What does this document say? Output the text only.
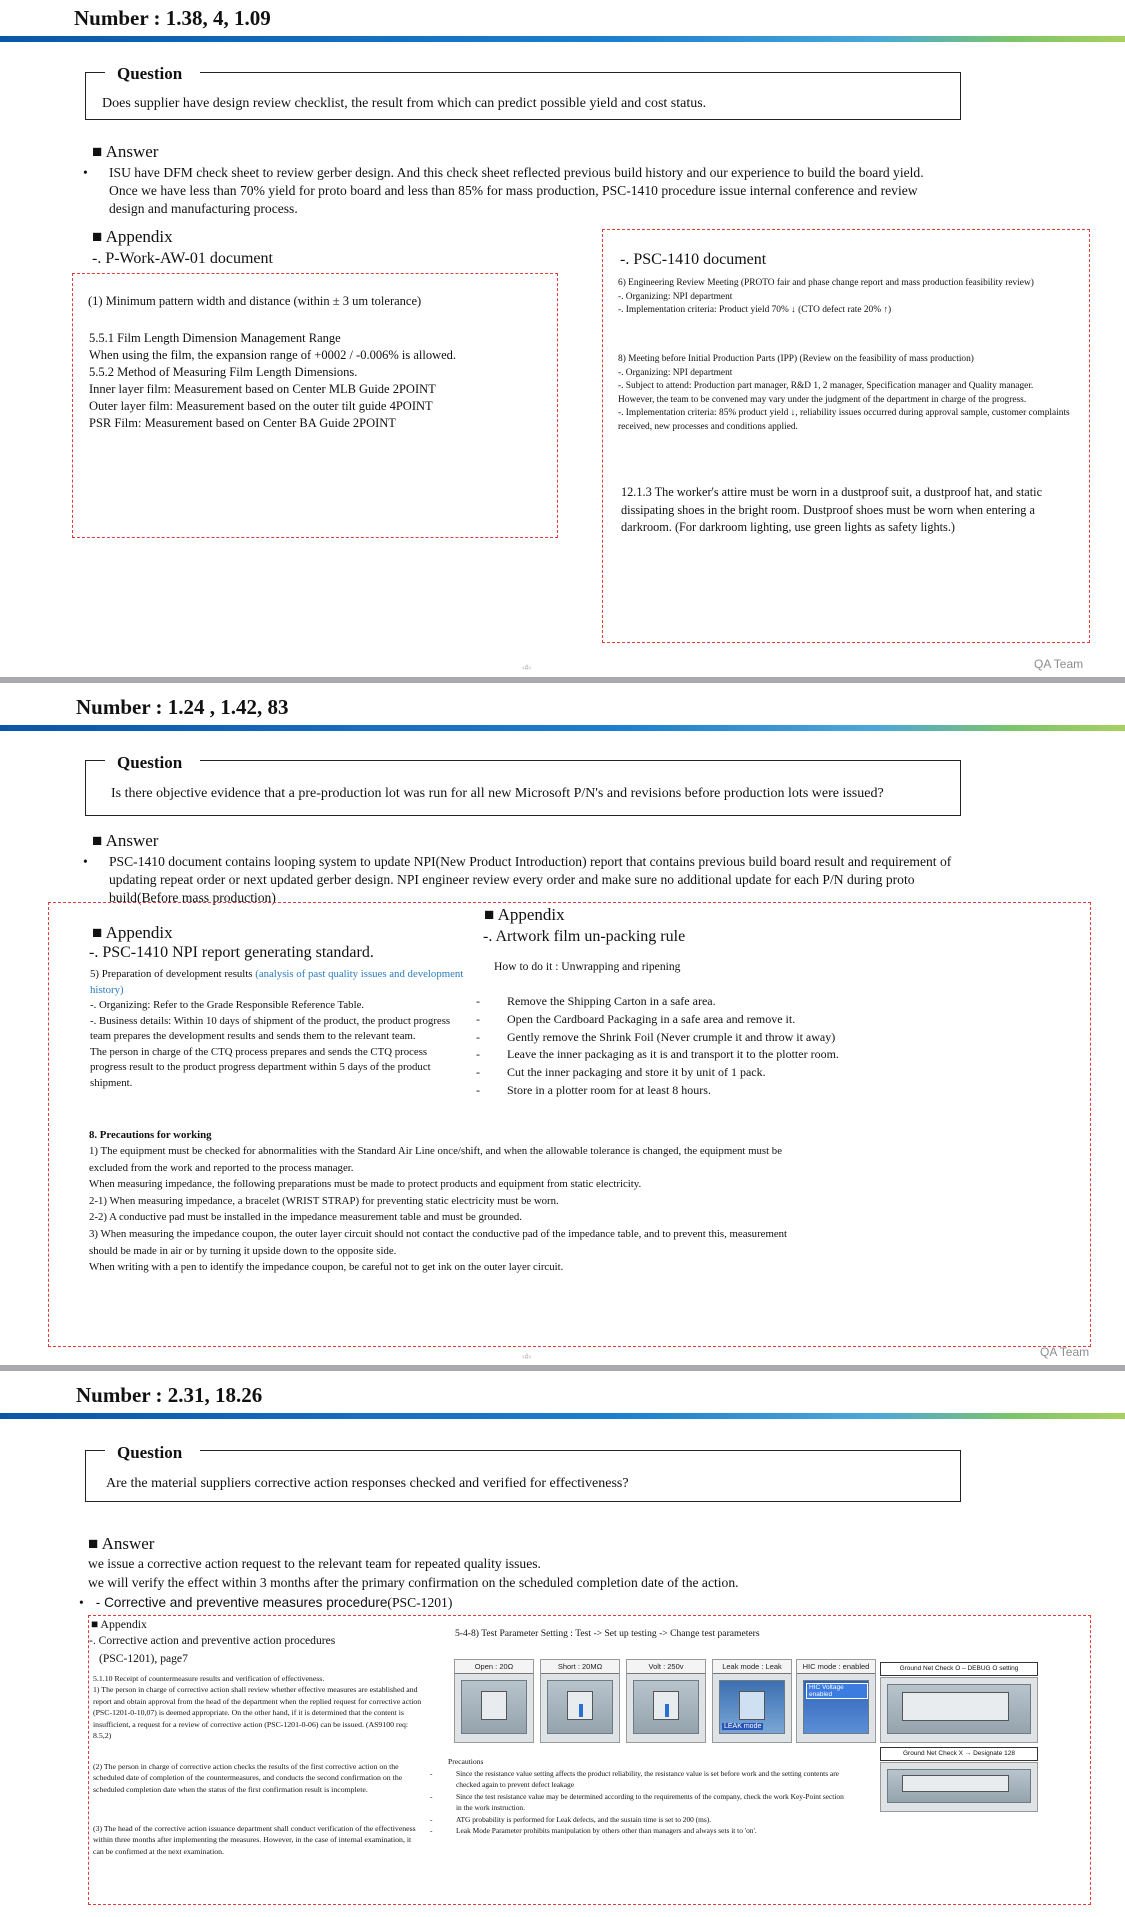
Number : 1.38, 4, 1.09
Question
Does supplier have design review checklist, the result from which can predict possible yield and cost status.
■ Answer
• ISU have DFM check sheet to review gerber design. And this check sheet reflected previous build history and our experience to build the board yield. Once we have less than 70% yield for proto board and less than 85% for mass production, PSC-1410 procedure issue internal conference and review design and manufacturing process.
■ Appendix
-. P-Work-AW-01 document
(1) Minimum pattern width and distance (within ± 3 um tolerance)
5.5.1 Film Length Dimension Management Range
When using the film, the expansion range of +0002 / -0.006% is allowed.
5.5.2 Method of Measuring Film Length Dimensions.
Inner layer film: Measurement based on Center MLB Guide 2POINT
Outer layer film: Measurement based on the outer tilt guide 4POINT
PSR Film: Measurement based on Center BA Guide 2POINT
-. PSC-1410 document
6) Engineering Review Meeting (PROTO fair and phase change report and mass production feasibility review)
-. Organizing: NPI department
-. Implementation criteria: Product yield 70% ↓ (CTO defect rate 20% ↑)
8) Meeting before Initial Production Parts (IPP) (Review on the feasibility of mass production)
-. Organizing: NPI department
-. Subject to attend: Production part manager, R&D 1, 2 manager, Specification manager and Quality manager.
However, the team to be convened may vary under the judgment of the department in charge of the progress.
-. Implementation criteria: 85% product yield ↓, reliability issues occurred during approval sample, customer complaints received, new processes and conditions applied.
12.1.3 The worker's attire must be worn in a dustproof suit, a dustproof hat, and static dissipating shoes in the bright room. Dustproof shoes must be worn when entering a darkroom. (For darkroom lighting, use green lights as safety lights.)
‹#›	QA Team
Number : 1.24 , 1.42, 83
Question
Is there objective evidence that a pre-production lot was run for all new Microsoft P/N's and revisions before production lots were issued?
■ Answer
• PSC-1410 document contains looping system to update NPI(New Product Introduction) report that contains previous build board result and requirement of updating repeat order or next updated gerber design. NPI engineer review every order and make sure no additional update for each P/N during proto build(Before mass production)
■ Appendix
-. PSC-1410 NPI report generating standard.
5) Preparation of development results (analysis of past quality issues and development history)
-. Organizing: Refer to the Grade Responsible Reference Table.
-. Business details: Within 10 days of shipment of the product, the product progress team prepares the development results and sends them to the relevant team.
The person in charge of the CTQ process prepares and sends the CTQ process progress result to the product progress department within 5 days of the product shipment.
■ Appendix
-. Artwork film un-packing rule
How to do it : Unwrapping and ripening
- Remove the Shipping Carton in a safe area.
- Open the Cardboard Packaging in a safe area and remove it.
- Gently remove the Shrink Foil (Never crumple it and throw it away)
- Leave the inner packaging as it is and transport it to the plotter room.
- Cut the inner packaging and store it by unit of 1 pack.
- Store in a plotter room for at least 8 hours.
8. Precautions for working
1) The equipment must be checked for abnormalities with the Standard Air Line once/shift, and when the allowable tolerance is changed, the equipment must be excluded from the work and reported to the process manager.
When measuring impedance, the following preparations must be made to protect products and equipment from static electricity.
2-1) When measuring impedance, a bracelet (WRIST STRAP) for preventing static electricity must be worn.
2-2) A conductive pad must be installed in the impedance measurement table and must be grounded.
3) When measuring the impedance coupon, the outer layer circuit should not contact the conductive pad of the impedance table, and to prevent this, measurement should be made in air or by turning it upside down to the opposite side.
When writing with a pen to identify the impedance coupon, be careful not to get ink on the outer layer circuit.
‹#›	QA Team
Number : 2.31, 18.26
Question
Are the material suppliers corrective action responses checked and verified for effectiveness?
■ Answer
we issue a corrective action request to the relevant team for repeated quality issues.
we will verify the effect within 3 months after the primary confirmation on the scheduled completion date of the action.
• - Corrective and preventive measures procedure(PSC-1201)
■ Appendix
-. Corrective action and preventive action procedures
(PSC-1201), page7
5.1.10 Receipt of countermeasure results and verification of effectiveness.
1) The person in charge of corrective action shall review whether effective measures are established and report and obtain approval from the head of the department when the replied request for corrective action (PSC-1201-0-10,07) is deemed appropriate. On the other hand, if it is determined that the content is insufficient, a request for a review of corrective action (PSC-1201-0-06) can be issued. (AS9100 req: 8.5,2)
(2) The person in charge of corrective action checks the results of the first corrective action on the scheduled date of completion of the countermeasures, and conducts the second confirmation on the scheduled completion date when the status of the first confirmation result is incomplete.
(3) The head of the corrective action issuance department shall conduct verification of the effectiveness within three months after implementing the measures. However, in the case of internal examination, it can be confirmed at the next examination.
5-4-8) Test Parameter Setting : Test -> Set up testing -> Change test parameters
Open : 20Ω	Short : 20MΩ	Volt : 250v	Leak mode : Leak
LEAK mode
HIC mode : enabled
HIC Voltage enabled
Ground Net Check O – DEBUG O setting
Ground Net Check X → Designate 128
Precautions
-	Since the resistance value setting affects the product reliability, the resistance value is set before work and the setting contents are checked again to prevent defect leakage
-	Since the test resistance value may be determined according to the requirements of the company, check the work Key-Point section in the work instruction.
-	ATG probability is performed for Leak defects, and the sustain time is set to 200 (ms).
-	Leak Mode Parameter prohibits manipulation by others other than managers and always sets it to 'on'.
